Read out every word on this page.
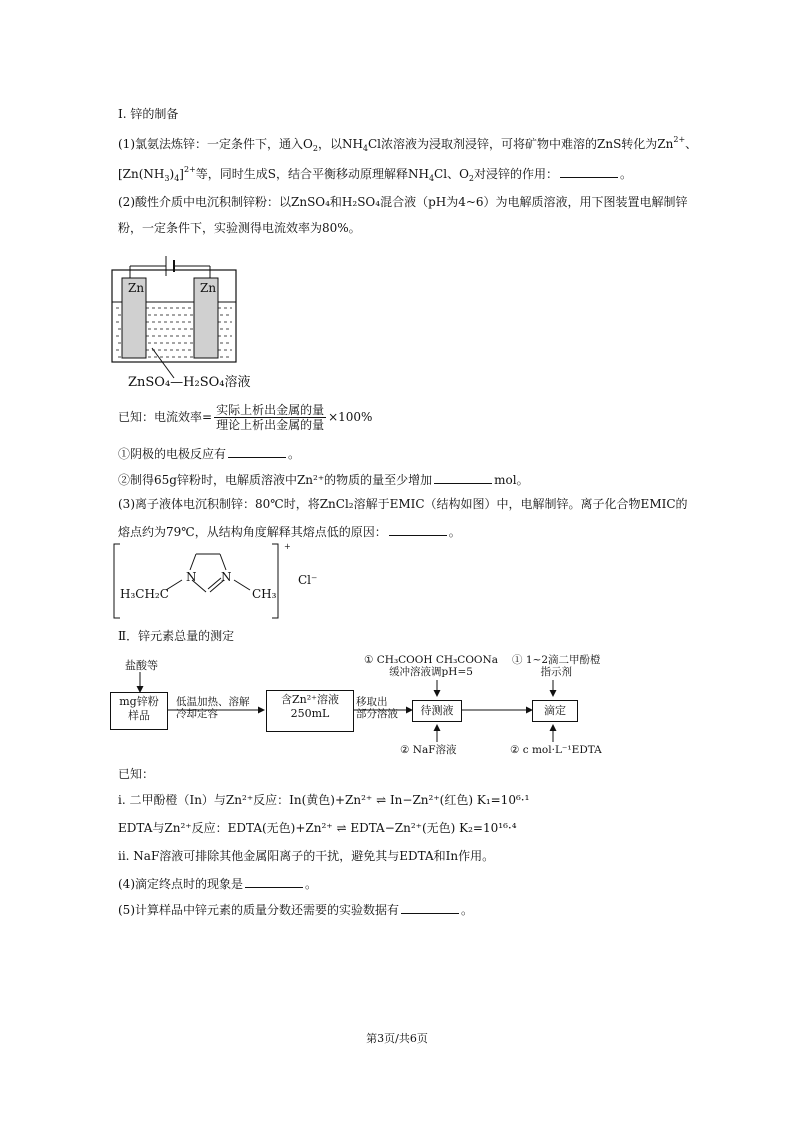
I. 锌的制备
(1)氯氨法炼锌：一定条件下，通入$O_2$，以$NH_4Cl$浓溶液为浸取剂浸锌，可将矿物中难溶的ZnS转化为$Zn^{2+}$、
$[Zn(NH_3)_4]^{2+}$等，同时生成S，结合平衡移动原理解释$NH_4Cl$、$O_2$对浸锌的作用：	。
(2)酸性介质中电沉积制锌粉：以ZnSO₄和H₂SO₄混合液（pH为4~6）为电解质溶液，用下图装置电解制锌
粉，一定条件下，实验测得电流效率为80%。
Zn	Zn
ZnSO₄—H₂SO₄溶液
已知：电流效率= $\frac{\text{实际上析出金属的量}}{\text{理论上析出金属的量}} \times 100\%$
①阴极的电极反应有	。
②制得65g锌粉时，电解质溶液中Zn²⁺的物质的量至少增加	mol。
(3)离子液体电沉积制锌：80℃时，将ZnCl₂溶解于EMIC（结构如图）中，电解制锌。离子化合物EMIC的
熔点约为79℃，从结构角度解释其熔点低的原因：	。
N N
H₃CH₂C	CH₃
+
Cl⁻
Ⅱ．锌元素总量的测定
盐酸等
mg锌粉
样品
低温加热、溶解
冷却定容
含Zn²⁺溶液
250mL
移取出
部分溶液	待测液	滴定
① CH₃COOH CH₃COONa
缓冲溶液调pH=5
② NaF溶液
① 1~2滴二甲酚橙
指示剂
② c mol·L⁻¹EDTA
已知：
i. 二甲酚橙（In）与Zn²⁺反应：In(黄色)+Zn²⁺ ⇌ In−Zn²⁺(红色) K₁=10⁶·¹
EDTA与Zn²⁺反应：EDTA(无色)+Zn²⁺ ⇌ EDTA−Zn²⁺(无色) K₂=10¹⁶·⁴
ii. NaF溶液可排除其他金属阳离子的干扰，避免其与EDTA和In作用。
(4)滴定终点时的现象是	。
(5)计算样品中锌元素的质量分数还需要的实验数据有	。
第3页/共6页
